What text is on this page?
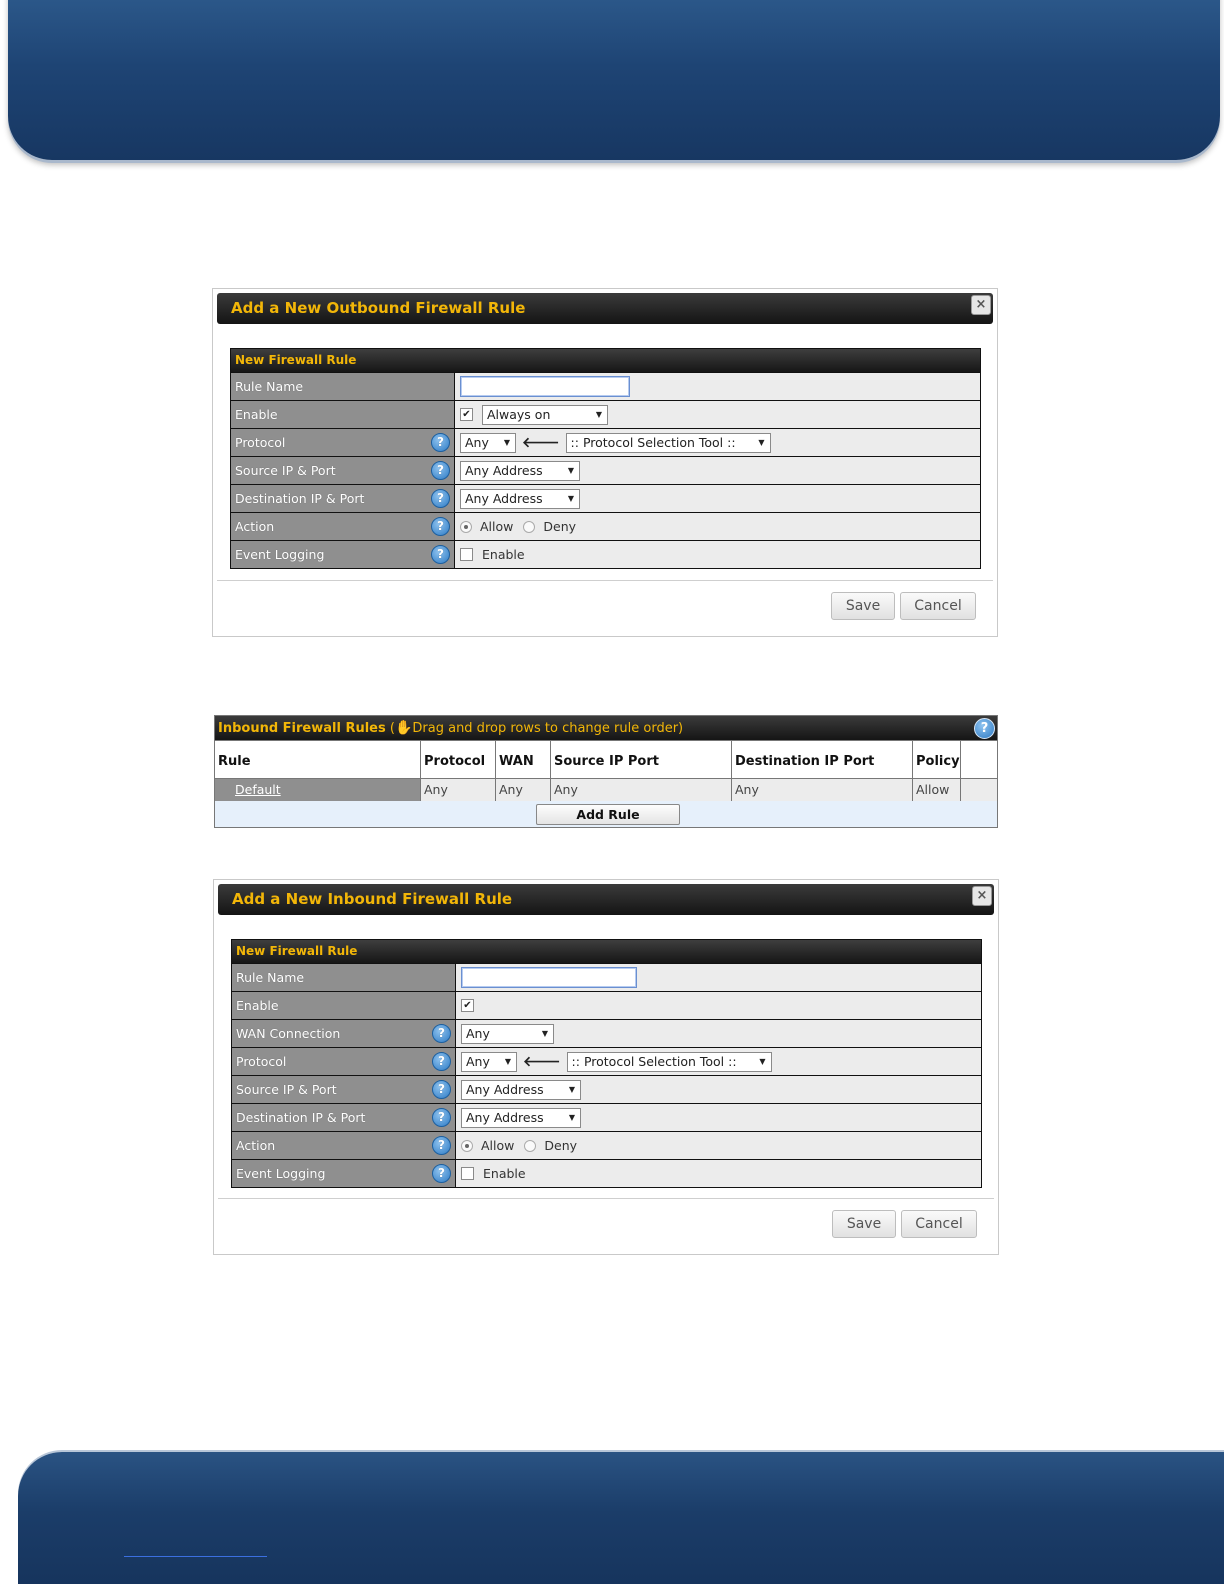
Add a New Outbound Firewall Rule	×
New Firewall Rule
Rule Name
Enable	✔	Always on	▼
Protocol	?	Any ▼ 🡐 :: Protocol Selection Tool ::	▼
Source IP & Port	?	Any Address	▼
Destination IP & Port	?	Any Address	▼
Action	?	Allow Deny
Event Logging	?	Enable
Save	Cancel
Inbound Firewall Rules (✋Drag and drop rows to change rule order)	?
Rule	Protocol	WAN	Source IP Port	Destination IP Port	Policy
Default	Any	Any	Any	Any	Allow
Add Rule
Add a New Inbound Firewall Rule	×
New Firewall Rule
Rule Name
Enable	✔
WAN Connection	?	Any	▼
Protocol	?	Any ▼ 🡐 :: Protocol Selection Tool ::	▼
Source IP & Port	?	Any Address	▼
Destination IP & Port	?	Any Address	▼
Action	?	Allow Deny
Event Logging	?	Enable
Save	Cancel
